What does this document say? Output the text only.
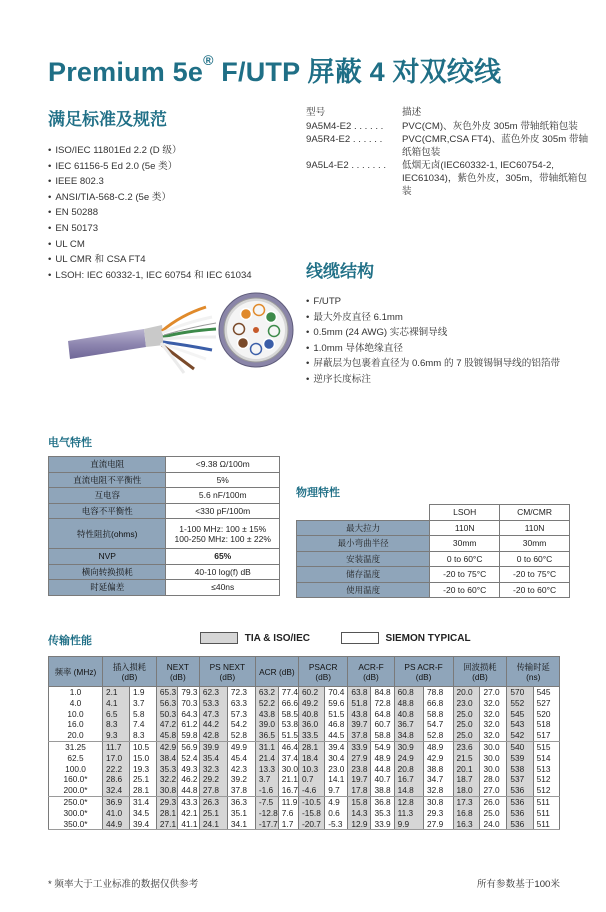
Premium 5e® F/UTP 屏蔽 4 对双绞线
满足标准及规范
• ISO/IEC 11801Ed 2.2 (D 级）
• IEC 61156-5 Ed 2.0 (5e 类）
• IEEE 802.3
• ANSI/TIA-568-C.2 (5e 类）
• EN 50288
• EN 50173
• UL CM
• UL CMR 和 CSA FT4
• LSOH: IEC 60332-1, IEC 60754 和 IEC 61034
型号	描述
9A5M4-E2 . . . . . .	PVC(CM)、灰色外皮 305m 带轴纸箱包装
9A5R4-E2 . . . . . .	PVC(CMR,CSA FT4)、蓝色外皮 305m 带轴纸箱包装
9A5L4-E2 . . . . . . .	低烟无卤(IEC60332-1, IEC60754-2, IEC61034)，紫色外皮，305m，带轴纸箱包装
线缆结构
• F/UTP
• 最大外皮直径 6.1mm
• 0.5mm (24 AWG) 实芯裸铜导线
• 1.0mm 导体绝缘直径
• 屏蔽层为包裹着直径为 0.6mm 的 7 股镀锡铜导线的铝箔带
• 逆序长度标注
电气特性
直流电阻	<9.38 Ω/100m

直流电阻不平衡性	5%

互电容	5.6 nF/100m

电容不平衡性	<330 pF/100m

特性阻抗(ohms)	1-100 MHz: 100 ± 15%
100-250 MHz: 100 ± 22%

NVP	65%

横向转换损耗	40-10 log(f) dB

时延偏差	≤40ns
物理特性
	LSOH	CM/CMR
最大拉力	110N	110N
最小弯曲半径	30mm	30mm
安装温度	0 to 60°C	0 to 60°C
储存温度	-20 to 75°C	-20 to 75°C
使用温度	-20 to 60°C	-20 to 60°C
传输性能	TIA & ISO/IEC	SIEMON TYPICAL
频率 (MHz)	插入损耗 (dB)		NEXT (dB)		PS NEXT (dB)		ACR (dB)		PSACR (dB)		ACR-F (dB)		PS ACR-F (dB)		回波损耗 (dB)		传输时延 (ns)	
1.0	2.1	1.9	65.3	79.3	62.3	72.3	63.2	77.4	60.2	70.4	63.8	84.8	60.8	78.8	20.0	27.0	570	545
4.0	4.1	3.7	56.3	70.3	53.3	63.3	52.2	66.6	49.2	59.6	51.8	72.8	48.8	66.8	23.0	32.0	552	527
10.0	6.5	5.8	50.3	64.3	47.3	57.3	43.8	58.5	40.8	51.5	43.8	64.8	40.8	58.8	25.0	32.0	545	520
16.0	8.3	7.4	47.2	61.2	44.2	54.2	39.0	53.8	36.0	46.8	39.7	60.7	36.7	54.7	25.0	32.0	543	518
20.0	9.3	8.3	45.8	59.8	42.8	52.8	36.5	51.5	33.5	44.5	37.8	58.8	34.8	52.8	25.0	32.0	542	517
31.25	11.7	10.5	42.9	56.9	39.9	49.9	31.1	46.4	28.1	39.4	33.9	54.9	30.9	48.9	23.6	30.0	540	515
62.5	17.0	15.0	38.4	52.4	35.4	45.4	21.4	37.4	18.4	30.4	27.9	48.9	24.9	42.9	21.5	30.0	539	514
100.0	22.2	19.3	35.3	49.3	32.3	42.3	13.3	30.0	10.3	23.0	23.8	44.8	20.8	38.8	20.1	30.0	538	513
160.0*	28.6	25.1	32.2	46.2	29.2	39.2	3.7	21.1	0.7	14.1	19.7	40.7	16.7	34.7	18.7	28.0	537	512
200.0*	32.4	28.1	30.8	44.8	27.8	37.8	-1.6	16.7	-4.6	9.7	17.8	38.8	14.8	32.8	18.0	27.0	536	512
250.0*	36.9	31.4	29.3	43.3	26.3	36.3	-7.5	11.9	-10.5	4.9	15.8	36.8	12.8	30.8	17.3	26.0	536	511
300.0*	41.0	34.5	28.1	42.1	25.1	35.1	-12.8	7.6	-15.8	0.6	14.3	35.3	11.3	29.3	16.8	25.0	536	511
350.0*	44.9	39.4	27.1	41.1	24.1	34.1	-17.7	1.7	-20.7	-5.3	12.9	33.9	9.9	27.9	16.3	24.0	536	511
* 频率大于工业标准的数据仅供参考	所有参数基于100米
